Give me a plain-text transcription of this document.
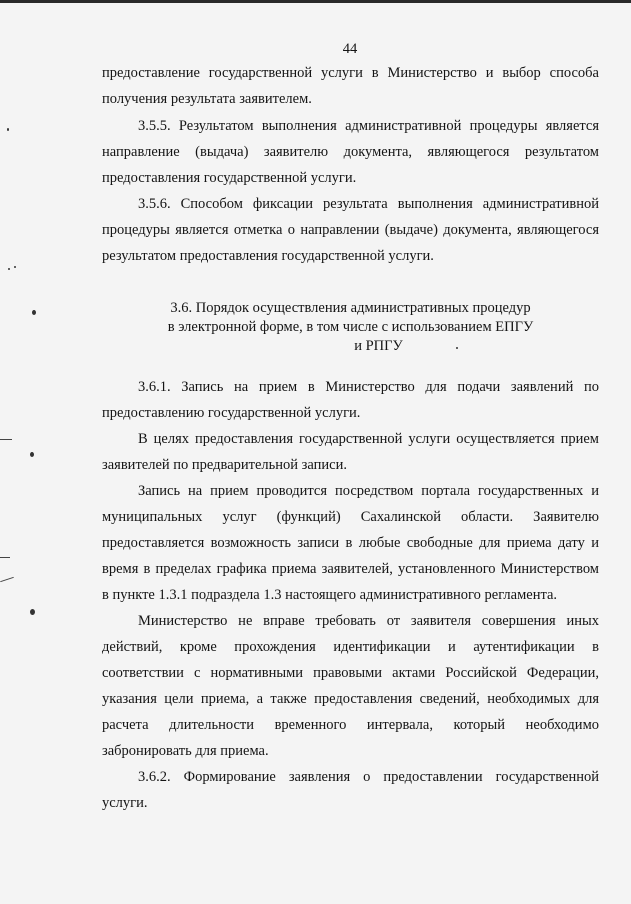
44
предоставление государственной услуги в Министерство и выбор способа
получения результата заявителем.
3.5.5. Результатом выполнения административной процедуры является
направление (выдача) заявителю документа, являющегося результатом
предоставления государственной услуги.
3.5.6. Способом фиксации результата выполнения административной
процедуры является отметка о направлении (выдаче) документа, являющегося
результатом предоставления государственной услуги.
3.6. Порядок осуществления административных процедур
в электронной форме, в том числе с использованием ЕПГУ
и РПГУ
3.6.1. Запись на прием в Министерство для подачи заявлений по
предоставлению государственной услуги.
В целях предоставления государственной услуги осуществляется прием
заявителей по предварительной записи.
Запись на прием проводится посредством портала государственных и
муниципальных услуг (функций) Сахалинской области. Заявителю
предоставляется возможность записи в любые свободные для приема дату и
время в пределах графика приема заявителей, установленного Министерством
в пункте 1.3.1 подраздела 1.3 настоящего административного регламента.
Министерство не вправе требовать от заявителя совершения иных
действий, кроме прохождения идентификации и аутентификации в
соответствии с нормативными правовыми актами Российской Федерации,
указания цели приема, а также предоставления сведений, необходимых для
расчета длительности временного интервала, который необходимо
забронировать для приема.
3.6.2. Формирование заявления о предоставлении государственной
услуги.
